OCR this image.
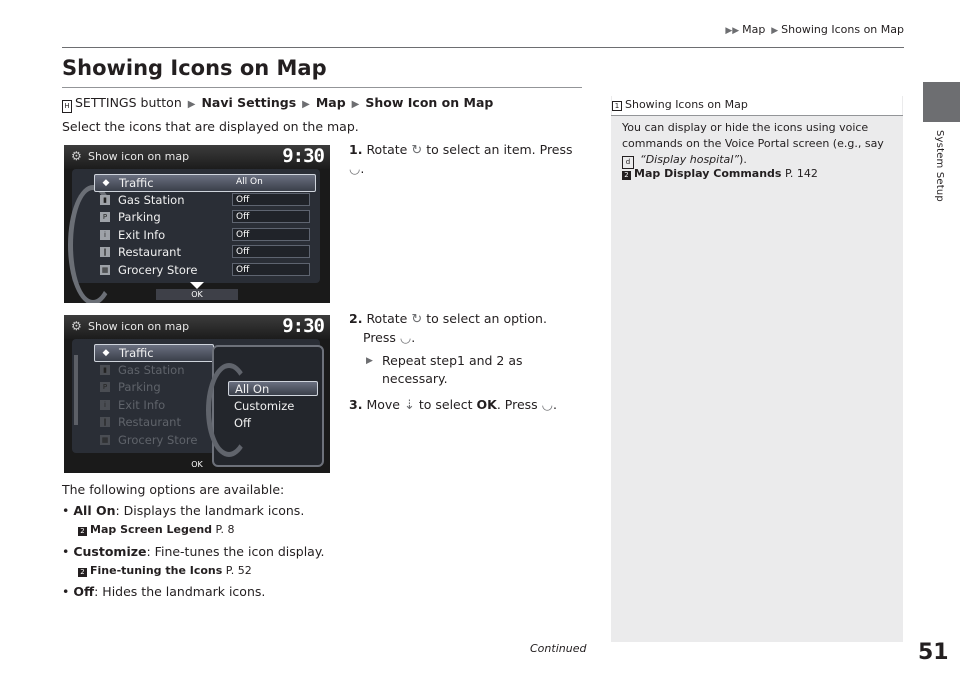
▶▶ Map ▶ Showing Icons on Map
System Setup
Showing Icons on Map
H SETTINGS button ▶ Navi Settings ▶ Map ▶ Show Icon on Map
Select the icons that are displayed on the map.
⚙ Show icon on map	9:30
◆ Traffic	All On
▮ Gas Station	Off
P Parking	Off
i	Exit Info	Off
‖ Restaurant	Off
▦ Grocery Store	Off
OK
⚙ Show icon on map	9:30
◆ Traffic
▮ Gas Station
P Parking
i	Exit Info
‖ Restaurant
▦ Grocery Store
All On
Customize
Off
OK
1. Rotate ↻ to select an item. Press
◡.
2. Rotate ↻ to select an option.
Press ◡.
▶ Repeat step1 and 2 as necessary.
3. Move ⇣ to select OK. Press ◡.
The following options are available:
• All On: Displays the landmark icons.
2 Map Screen Legend P. 8
• Customize: Fine-tunes the icon display.
2 Fine-tuning the Icons P. 52
• Off: Hides the landmark icons.
1 Showing Icons on Map
You can display or hide the icons using voice commands on the Voice Portal screen (e.g., say
d “Display hospital”).
2 Map Display Commands P. 142
Continued	51
